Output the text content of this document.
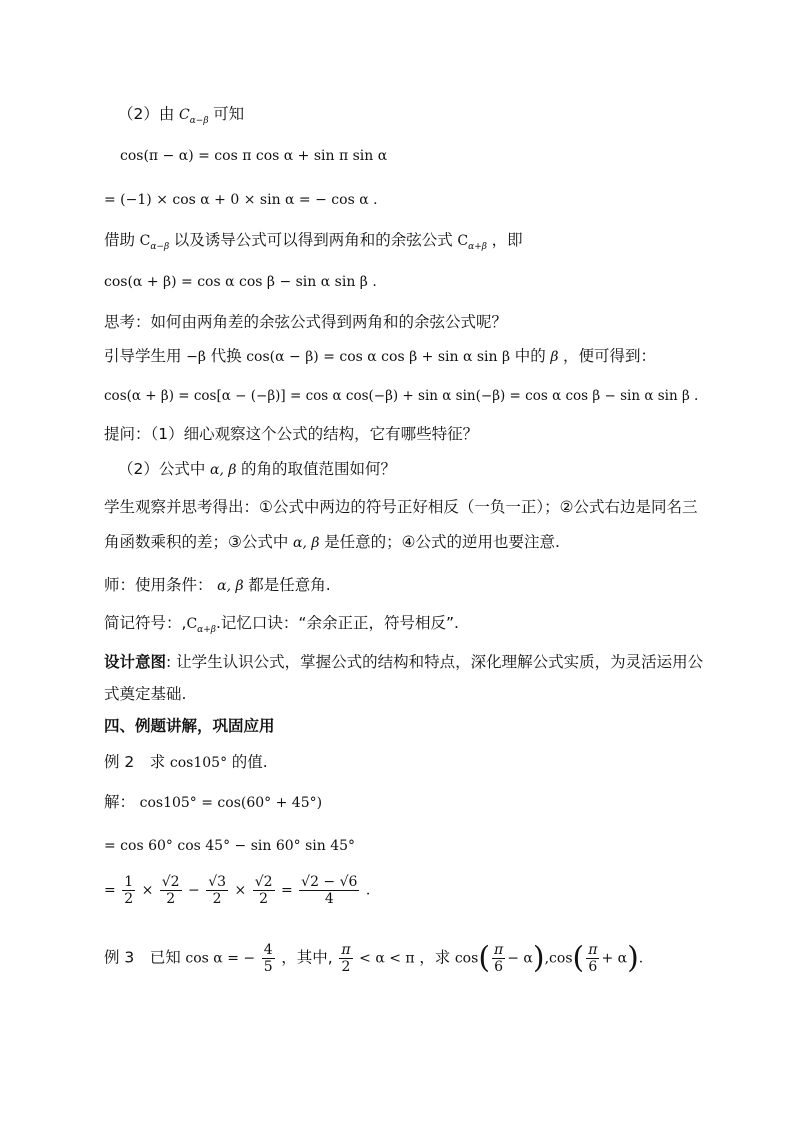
（2）由 $C_{\alpha-\beta}$ 可知
cos(π − α) = cos π cos α + sin π sin α
= (−1) × cos α + 0 × sin α = − cos α .
借助 $C_{\alpha-\beta}$ 以及诱导公式可以得到两角和的余弦公式 $C_{\alpha+\beta}$ ，即
cos(α + β) = cos α cos β − sin α sin β .
思考：如何由两角差的余弦公式得到两角和的余弦公式呢？
引导学生用 −β 代换 cos(α − β) = cos α cos β + sin α sin β 中的 β ，便可得到：
cos(α + β) = cos[α − (−β)] = cos α cos(−β) + sin α sin(−β) = cos α cos β − sin α sin β .
提问：（1）细心观察这个公式的结构，它有哪些特征？
（2）公式中 α, β 的角的取值范围如何？
学生观察并思考得出：①公式中两边的符号正好相反（一负一正）；②公式右边是同名三
角函数乘积的差；③公式中 α, β 是任意的；④公式的逆用也要注意.
师：使用条件： α, β 都是任意角.
简记符号：$,C_{\alpha+\beta}$.记忆口诀：“余余正正，符号相反”.
设计意图: 让学生认识公式，掌握公式的结构和特点，深化理解公式实质，为灵活运用公
式奠定基础.
四、例题讲解，巩固应用
例 2　求 cos105° 的值.
解： cos105° = cos(60° + 45°)
= cos 60° cos 45° − sin 60° sin 45°
= $\frac{1}{2} \times \frac{√2}{2} - \frac{√3}{2} \times \frac{√2}{2} = \frac{√2 - √6}{4}$ .
例 3　已知 cos α = − $\frac{4}{5}$ ，其中, $\frac{\pi}{2} < \alpha < \pi$ ，求 $\cos( \frac{\pi}{6} - \alpha),\cos( \frac{\pi}{6} + \alpha)$.
